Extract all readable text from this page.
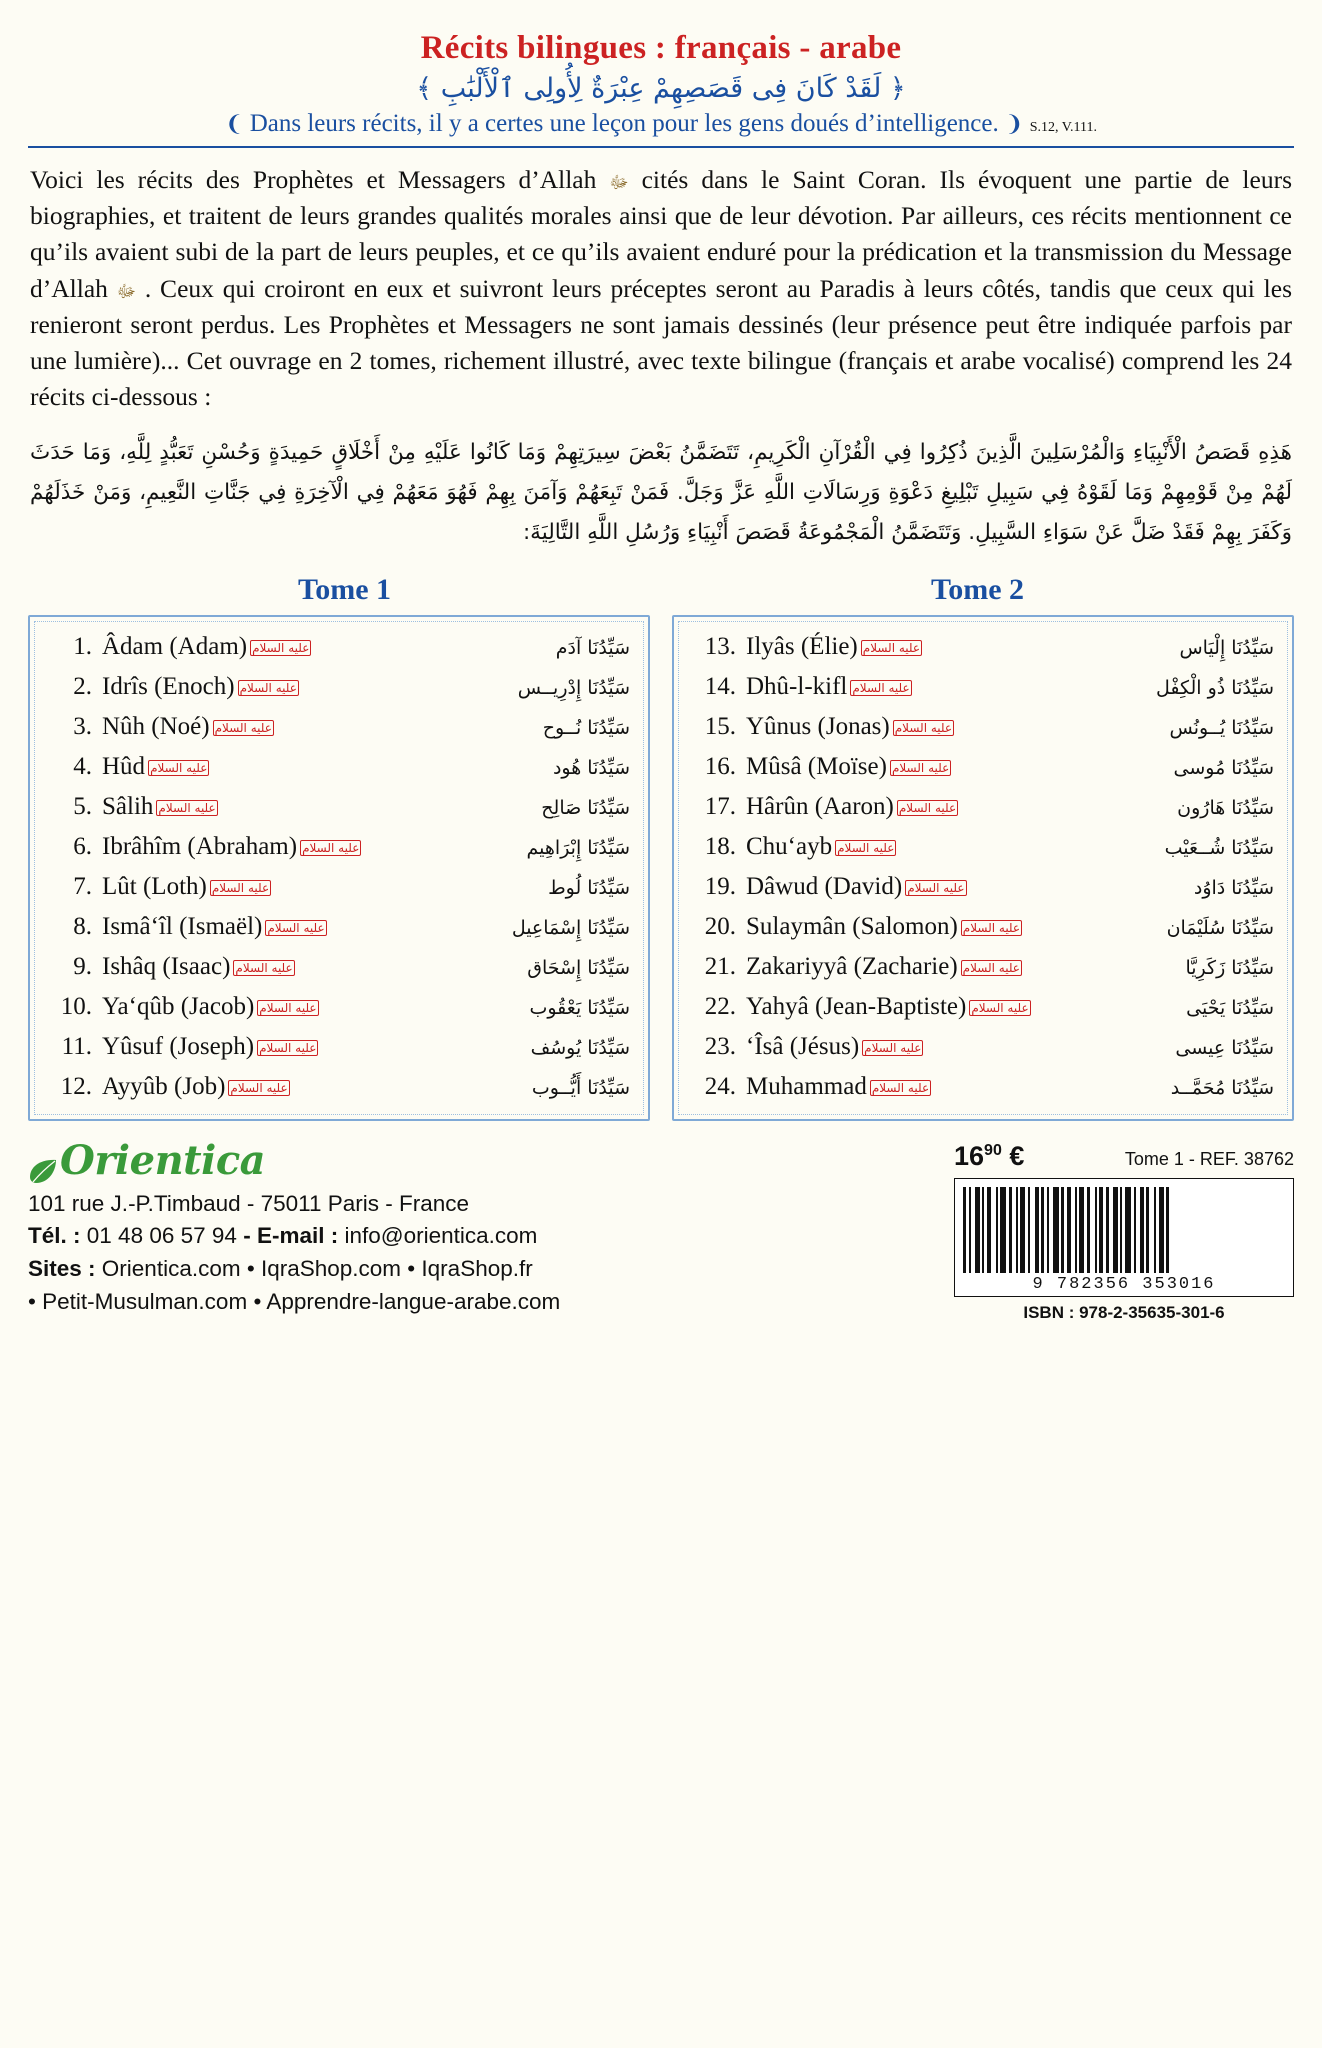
Récits bilingues : français - arabe
﴿ لَقَدْ كَانَ فِى قَصَصِهِمْ عِبْرَةٌ لِأُولِى ٱلْأَلْبَٰبِ ﴾
❨ Dans leurs récits, il y a certes une leçon pour les gens doués d’intelligence. ❩ S.12, V.111.

Voici les récits des Prophètes et Messagers d’Allah ﷻ cités dans le Saint Coran. Ils évoquent une partie de leurs biographies, et traitent de leurs grandes qualités morales ainsi que de leur dévotion. Par ailleurs, ces récits mentionnent ce qu’ils avaient subi de la part de leurs peuples, et ce qu’ils avaient enduré pour la prédication et la transmission du Message d’Allah ﷻ . Ceux qui croiront en eux et suivront leurs préceptes seront au Paradis à leurs côtés, tandis que ceux qui les renieront seront perdus. Les Prophètes et Messagers ne sont jamais dessinés (leur présence peut être indiquée parfois par une lumière)... Cet ouvrage en 2 tomes, richement illustré, avec texte bilingue (français et arabe vocalisé) comprend les 24 récits ci-dessous :

هَذِهِ قَصَصُ الْأَنْبِيَاءِ وَالْمُرْسَلِينَ الَّذِينَ ذُكِرُوا فِي الْقُرْآنِ الْكَرِيمِ، تَتَضَمَّنُ بَعْضَ سِيرَتِهِمْ وَمَا كَانُوا عَلَيْهِ مِنْ أَخْلَاقٍ حَمِيدَةٍ وَحُسْنِ تَعَبُّدٍ لِلَّهِ، وَمَا حَدَثَ لَهُمْ مِنْ قَوْمِهِمْ وَمَا لَقَوْهُ فِي سَبِيلِ تَبْلِيغِ دَعْوَةِ وَرِسَالَاتِ اللَّهِ عَزَّ وَجَلَّ. فَمَنْ تَبِعَهُمْ وَآمَنَ بِهِمْ فَهُوَ مَعَهُمْ فِي الْآخِرَةِ فِي جَنَّاتِ النَّعِيمِ، وَمَنْ خَذَلَهُمْ وَكَفَرَ بِهِمْ فَقَدْ ضَلَّ عَنْ سَوَاءِ السَّبِيلِ. وَتَتَضَمَّنُ الْمَجْمُوعَةُ قَصَصَ أَنْبِيَاءِ وَرُسُلِ اللَّهِ التَّالِيَةَ:

Tome 1	Tome 2
1. Âdam (Adam) عليه السلام	سَيِّدُنَا آدَم
2. Idrîs (Enoch) عليه السلام	سَيِّدُنَا إِدْرِيــس
3. Nûh (Noé) عليه السلام	سَيِّدُنَا نُــوح
4. Hûd عليه السلام	سَيِّدُنَا هُود
5. Sâlih عليه السلام	سَيِّدُنَا صَالِح
6. Ibrâhîm (Abraham) عليه السلام	سَيِّدُنَا إِبْرَاهِيم
7. Lût (Loth) عليه السلام	سَيِّدُنَا لُوط
8. Ismâ‘îl (Ismaël) عليه السلام	سَيِّدُنَا إِسْمَاعِيل
9. Ishâq (Isaac) عليه السلام	سَيِّدُنَا إِسْحَاق
10. Ya‘qûb (Jacob) عليه السلام	سَيِّدُنَا يَعْقُوب
11. Yûsuf (Joseph) عليه السلام	سَيِّدُنَا يُوسُف
12. Ayyûb (Job) عليه السلام	سَيِّدُنَا أَيُّــوب
13. Ilyâs (Élie) عليه السلام	سَيِّدُنَا إِلْيَاس
14. Dhû-l-kifl عليه السلام	سَيِّدُنَا ذُو الْكِفْل
15. Yûnus (Jonas) عليه السلام	سَيِّدُنَا يُــونُس
16. Mûsâ (Moïse) عليه السلام	سَيِّدُنَا مُوسى
17. Hârûn (Aaron) عليه السلام	سَيِّدُنَا هَارُون
18. Chu‘ayb عليه السلام	سَيِّدُنَا شُــعَيْب
19. Dâwud (David) عليه السلام	سَيِّدُنَا دَاوُد
20. Sulaymân (Salomon) عليه السلام	سَيِّدُنَا سُلَيْمَان
21. Zakariyyâ (Zacharie) عليه السلام	سَيِّدُنَا زَكَرِيَّا
22. Yahyâ (Jean-Baptiste) عليه السلام	سَيِّدُنَا يَحْيَى
23. ‘Îsâ (Jésus) عليه السلام	سَيِّدُنَا عِيسى
24. Muhammad عليه السلام	سَيِّدُنَا مُحَمَّــد
Orientica
101 rue J.-P.Timbaud - 75011 Paris - France
Tél. : 01 48 06 57 94 - E-mail : info@orientica.com
Sites : Orientica.com • IqraShop.com • IqraShop.fr
• Petit-Musulman.com • Apprendre-langue-arabe.com
$16^{90}$ €	Tome 1 - REF. 38762
9 782356 353016
ISBN : 978-2-35635-301-6
